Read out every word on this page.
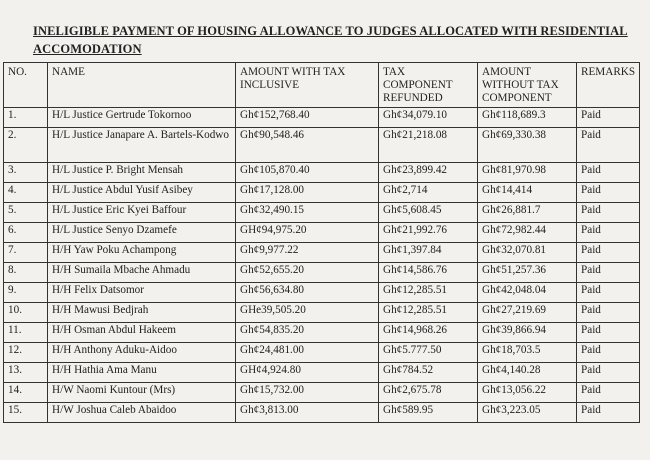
INELIGIBLE PAYMENT OF HOUSING ALLOWANCE TO JUDGES ALLOCATED WITH RESIDENTIAL ACCOMODATION
NO.	NAME	AMOUNT WITH TAX INCLUSIVE	TAX COMPONENT REFUNDED	AMOUNT WITHOUT TAX COMPONENT	REMARKS
1.	H/L Justice Gertrude Tokornoo	Gh¢152,768.40	Gh¢34,079.10	Gh¢118,689.3	Paid
2.	H/L Justice Janapare A. Bartels-Kodwo	Gh¢90,548.46	Gh¢21,218.08	Gh¢69,330.38	Paid
3.	H/L Justice P. Bright Mensah	Gh¢105,870.40	Gh¢23,899.42	Gh¢81,970.98	Paid
4.	H/L Justice Abdul Yusif Asibey	Gh¢17,128.00	Gh¢2,714	Gh¢14,414	Paid
5.	H/L Justice Eric Kyei Baffour	Gh¢32,490.15	Gh¢5,608.45	Gh¢26,881.7	Paid
6.	H/L Justice Senyo Dzamefe	GH¢94,975.20	Gh¢21,992.76	Gh¢72,982.44	Paid
7.	H/H Yaw Poku Achampong	Gh¢9,977.22	Gh¢1,397.84	Gh¢32,070.81	Paid
8.	H/H Sumaila Mbache Ahmadu	Gh¢52,655.20	Gh¢14,586.76	Gh¢51,257.36	Paid
9.	H/H Felix Datsomor	Gh¢56,634.80	Gh¢12,285.51	Gh¢42,048.04	Paid
10.	H/H Mawusi Bedjrah	GHe39,505.20	Gh¢12,285.51	Gh¢27,219.69	Paid
11.	H/H Osman Abdul Hakeem	Gh¢54,835.20	Gh¢14,968.26	Gh¢39,866.94	Paid
12.	H/H Anthony Aduku-Aidoo	Gh¢24,481.00	Gh¢5.777.50	Gh¢18,703.5	Paid
13.	H/H Hathia Ama Manu	GH¢4,924.80	Gh¢784.52	Gh¢4,140.28	Paid
14.	H/W Naomi Kuntour (Mrs)	Gh¢15,732.00	Gh¢2,675.78	Gh¢13,056.22	Paid
15.	H/W Joshua Caleb Abaidoo	Gh¢3,813.00	Gh¢589.95	Gh¢3,223.05	Paid
